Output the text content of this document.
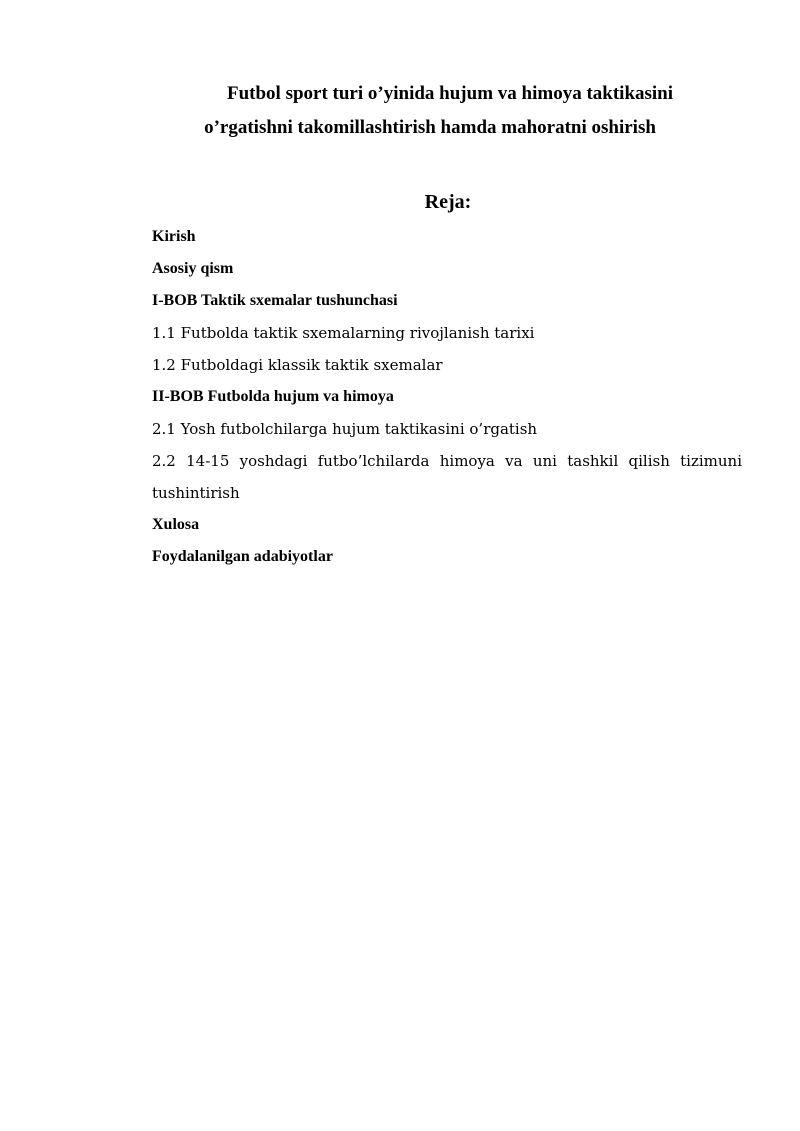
Futbol sport turi o’yinida hujum va himoya taktikasini
o’rgatishni takomillashtirish hamda mahoratni oshirish
Reja:
Kirish
Asosiy qism
I-BOB Taktik sxemalar tushunchasi
1.1 Futbolda taktik sxemalarning rivojlanish tarixi
1.2 Futboldagi klassik taktik sxemalar
II-BOB Futbolda hujum va himoya
2.1 Yosh futbolchilarga hujum taktikasini o’rgatish
2.2 14-15 yoshdagi futbo’lchilarda himoya va uni tashkil qilish tizimuni tushintirish
Xulosa
Foydalanilgan adabiyotlar
